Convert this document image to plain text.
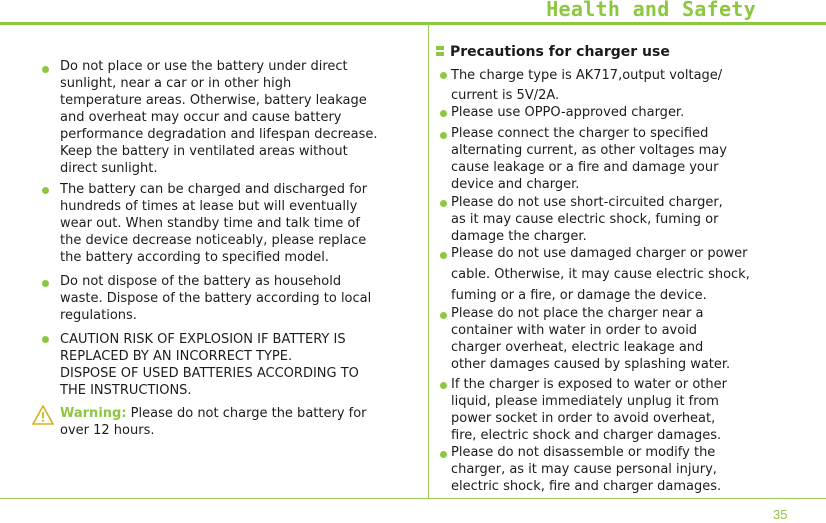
Health and Safety
35
Do not place or use the battery under direct
sunlight, near a car or in other high
temperature areas. Otherwise, battery leakage
and overheat may occur and cause battery
performance degradation and lifespan decrease.
Keep the battery in ventilated areas without
direct sunlight.
The battery can be charged and discharged for
hundreds of times at lease but will eventually
wear out. When standby time and talk time of
the device decrease noticeably, please replace
the battery according to specified model.
Do not dispose of the battery as household
waste. Dispose of the battery according to local
regulations.
CAUTION RISK OF EXPLOSION IF BATTERY IS
REPLACED BY AN INCORRECT TYPE.
DISPOSE OF USED BATTERIES ACCORDING TO
THE INSTRUCTIONS.
Warning: Please do not charge the battery for
over 12 hours.
Precautions for charger use
The charge type is AK717,output voltage/
current is 5V/2A.
Please use OPPO-approved charger.
Please connect the charger to specified
alternating current, as other voltages may
cause leakage or a fire and damage your
device and charger.
Please do not use short-circuited charger,
as it may cause electric shock, fuming or
damage the charger.
Please do not use damaged charger or power
cable. Otherwise, it may cause electric shock,
fuming or a fire, or damage the device.
Please do not place the charger near a
container with water in order to avoid
charger overheat, electric leakage and
other damages caused by splashing water.
If the charger is exposed to water or other
liquid, please immediately unplug it from
power socket in order to avoid overheat,
fire, electric shock and charger damages.
Please do not disassemble or modify the
charger, as it may cause personal injury,
electric shock, fire and charger damages.
